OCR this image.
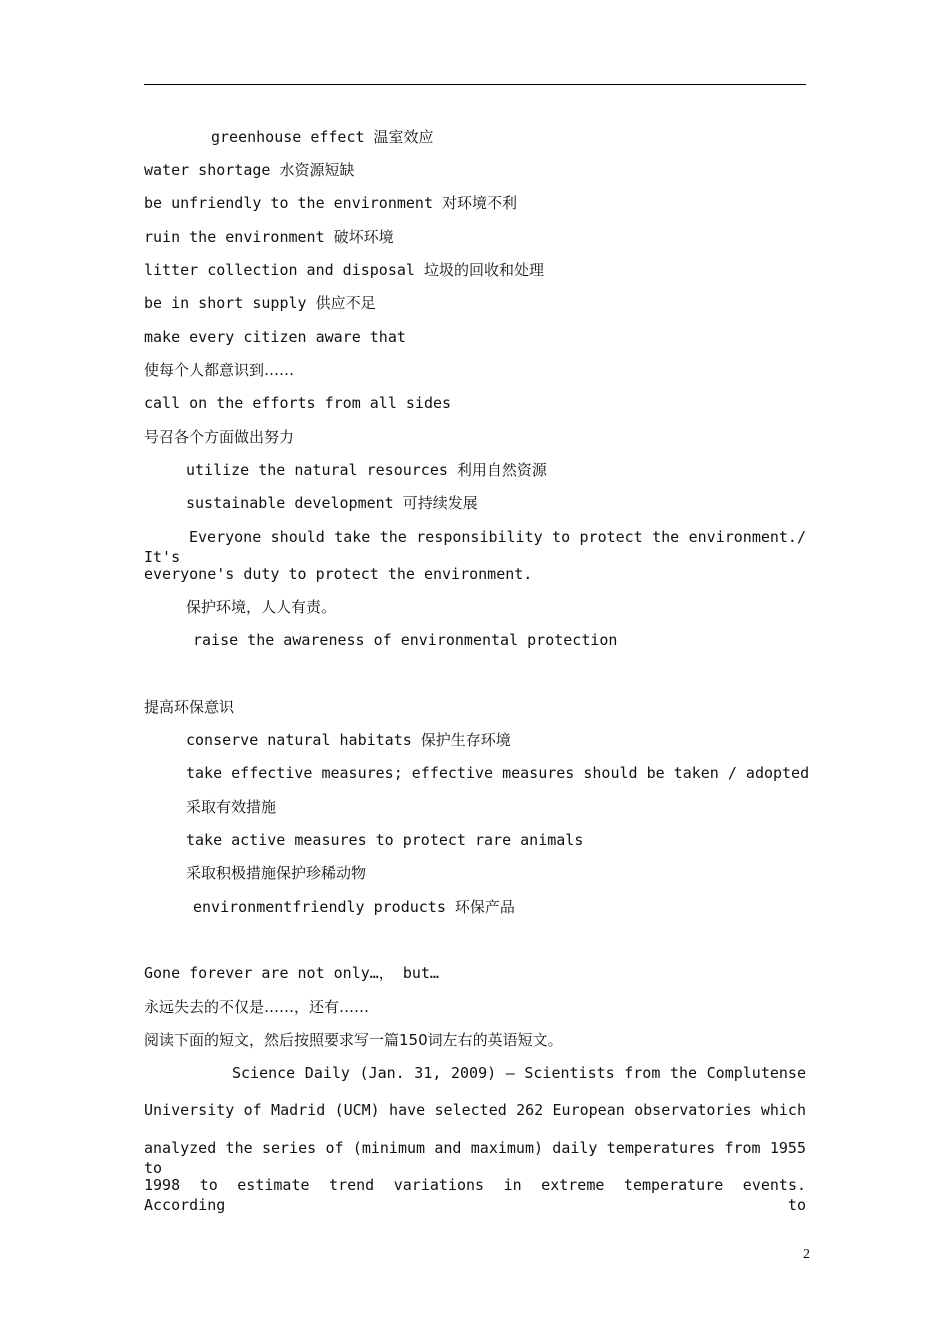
greenhouse effect 温室效应
water shortage 水资源短缺
be unfriendly to the environment 对环境不利
ruin the environment 破坏环境
litter collection and disposal 垃圾的回收和处理
be in short supply 供应不足
make every citizen aware that
使每个人都意识到……
call on the efforts from all sides
号召各个方面做出努力
utilize the natural resources 利用自然资源
sustainable development 可持续发展
Everyone should take the responsibility to protect the environment./ It's
everyone's duty to protect the environment.
保护环境，人人有责。
raise the awareness of environmental protection
提高环保意识
conserve natural habitats 保护生存环境
take effective measures; effective measures should be taken / adopted
采取有效措施
take active measures to protect rare animals
采取积极措施保护珍稀动物
environmentfriendly products 环保产品
Gone forever are not only…， but…
永远失去的不仅是……，还有……
阅读下面的短文，然后按照要求写一篇150词左右的英语短文。
Science Daily (Jan. 31, 2009) — Scientists from the Complutense
University of Madrid (UCM) have selected 262 European observatories which
analyzed the series of (minimum and maximum) daily temperatures from 1955 to
1998 to estimate trend variations in extreme temperature events. According to
2
